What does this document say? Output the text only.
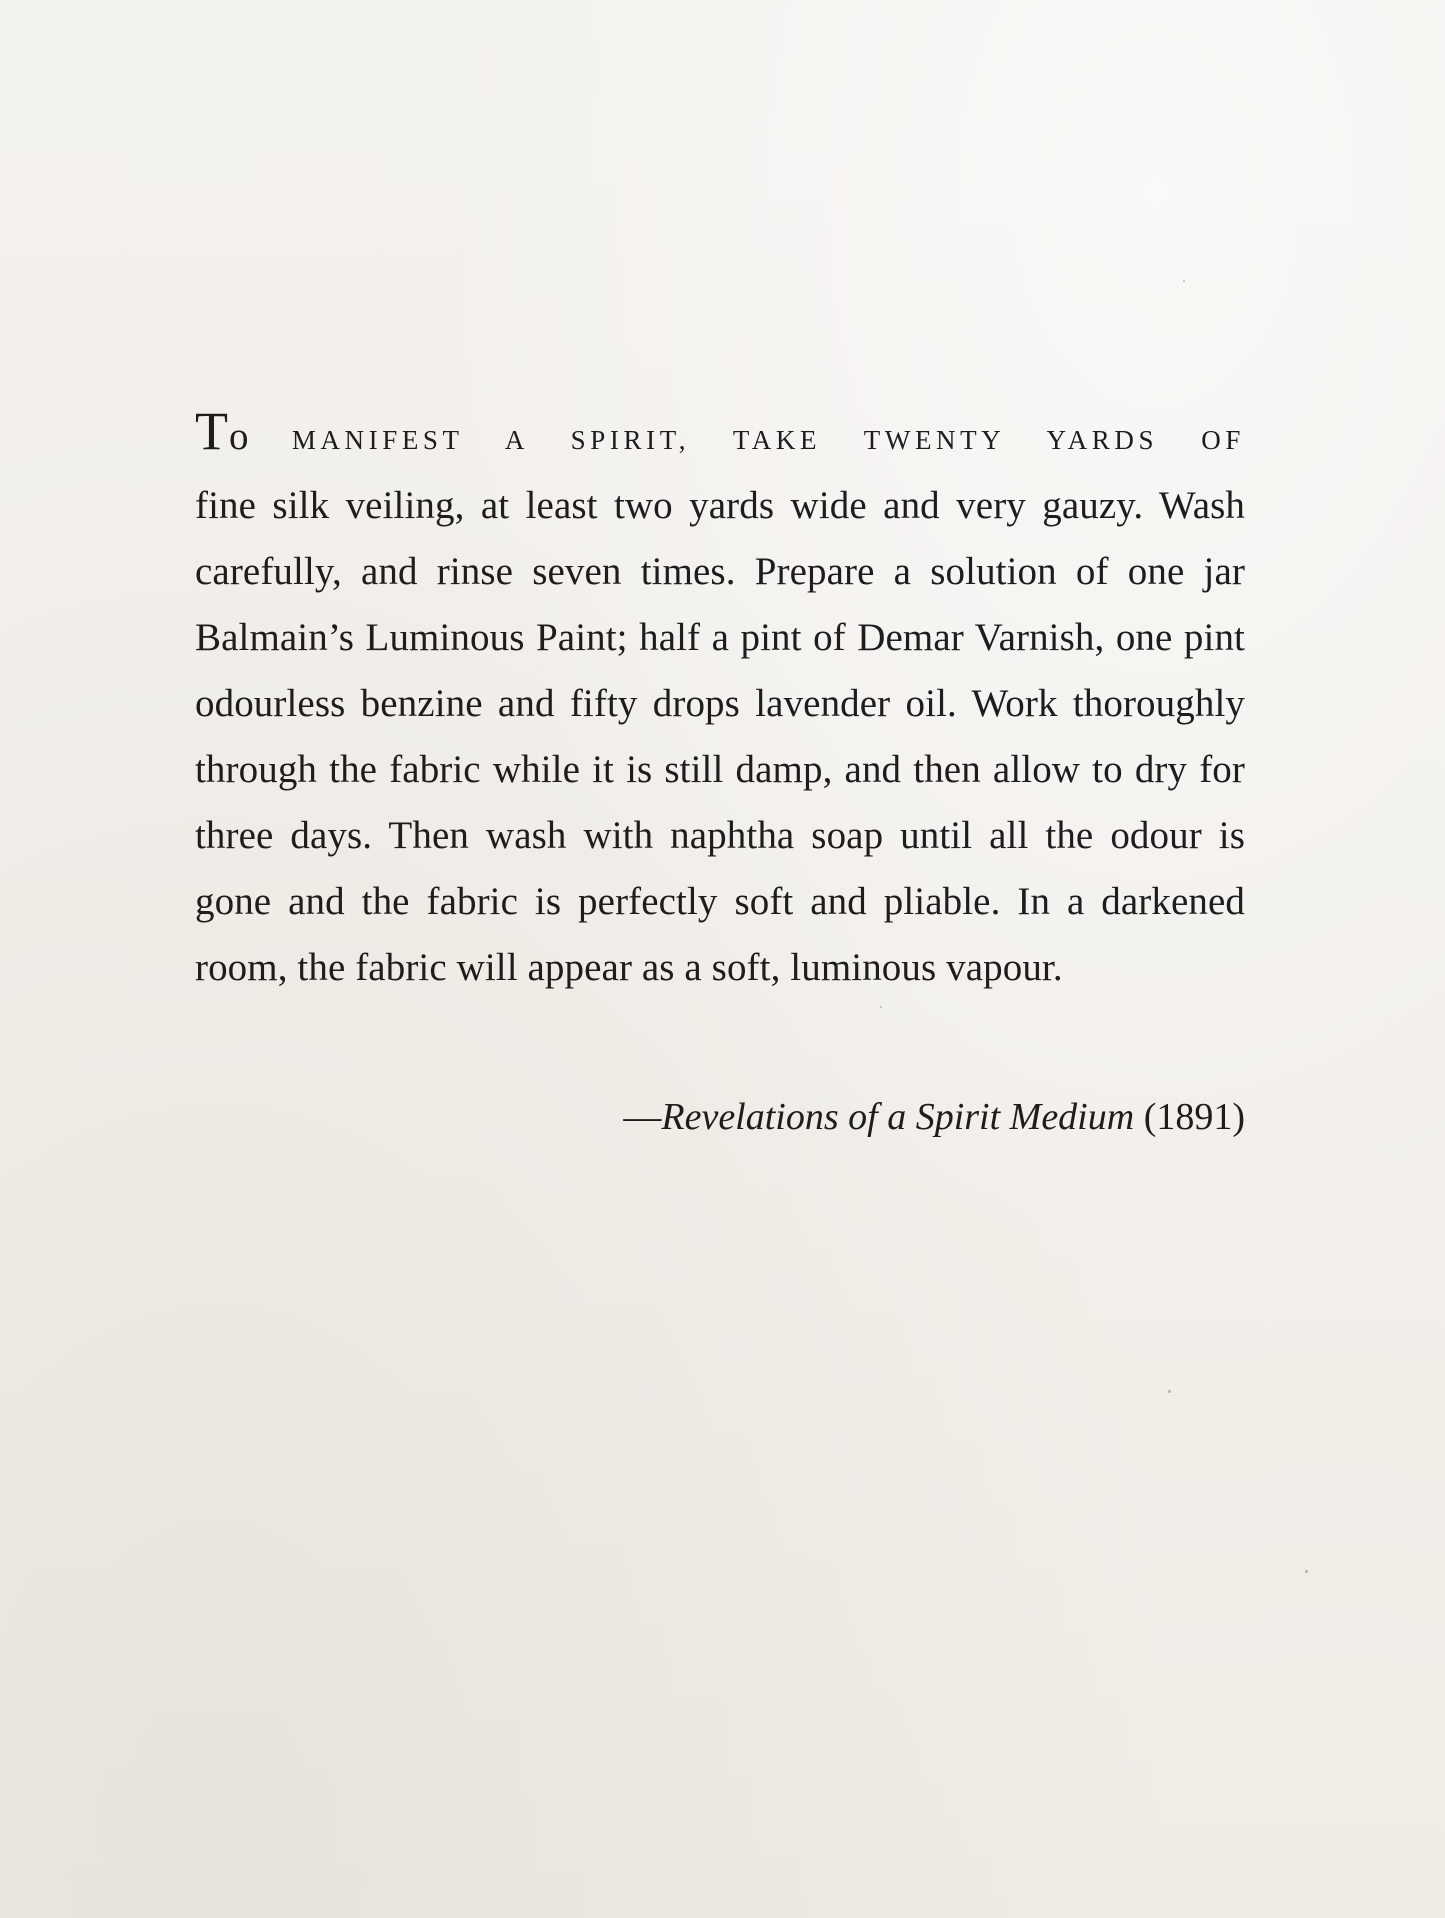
To MANIFEST A SPIRIT, TAKE TWENTY YARDS OF
fine silk veiling, at least two yards wide and very gauzy. Wash carefully, and rinse seven times. Prepare a solution of one jar Balmain’s Luminous Paint; half a pint of Demar Varnish, one pint odourless benzine and fifty drops lavender oil. Work thoroughly through the fabric while it is still damp, and then allow to dry for three days. Then wash with naphtha soap until all the odour is gone and the fabric is perfectly soft and pliable. In a darkened room, the fabric will appear as a soft, luminous vapour.

—Revelations of a Spirit Medium (1891)
